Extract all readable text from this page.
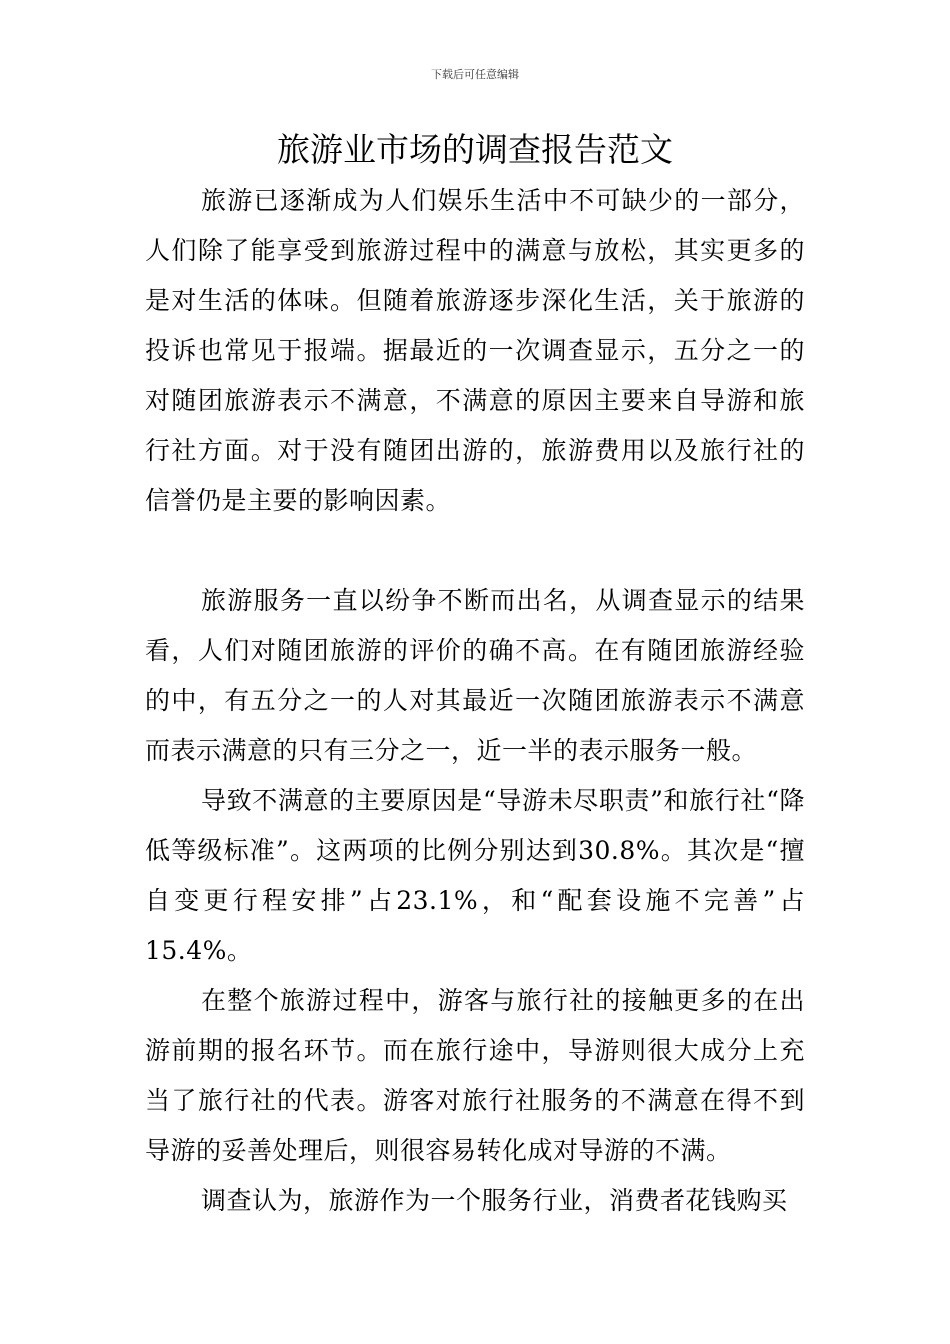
下载后可任意编辑
旅游业市场的调查报告范文

旅游已逐渐成为人们娱乐生活中不可缺少的一部分，人们除了能享受到旅游过程中的满意与放松，其实更多的是对生活的体味。但随着旅游逐步深化生活，关于旅游的投诉也常见于报端。据最近的一次调查显示，五分之一的对随团旅游表示不满意，不满意的原因主要来自导游和旅行社方面。对于没有随团出游的，旅游费用以及旅行社的信誉仍是主要的影响因素。

旅游服务一直以纷争不断而出名，从调查显示的结果看，人们对随团旅游的评价的确不高。在有随团旅游经验的中，有五分之一的人对其最近一次随团旅游表示不满意而表示满意的只有三分之一，近一半的表示服务一般。

导致不满意的主要原因是“导游未尽职责”和旅行社“降低等级标准”。这两项的比例分别达到30.8%。其次是“擅自变更行程安排”占23.1%，和“配套设施不完善”占15.4%。

在整个旅游过程中，游客与旅行社的接触更多的在出游前期的报名环节。而在旅行途中，导游则很大成分上充当了旅行社的代表。游客对旅行社服务的不满意在得不到导游的妥善处理后，则很容易转化成对导游的不满。

调查认为，旅游作为一个服务行业，消费者花钱购买
